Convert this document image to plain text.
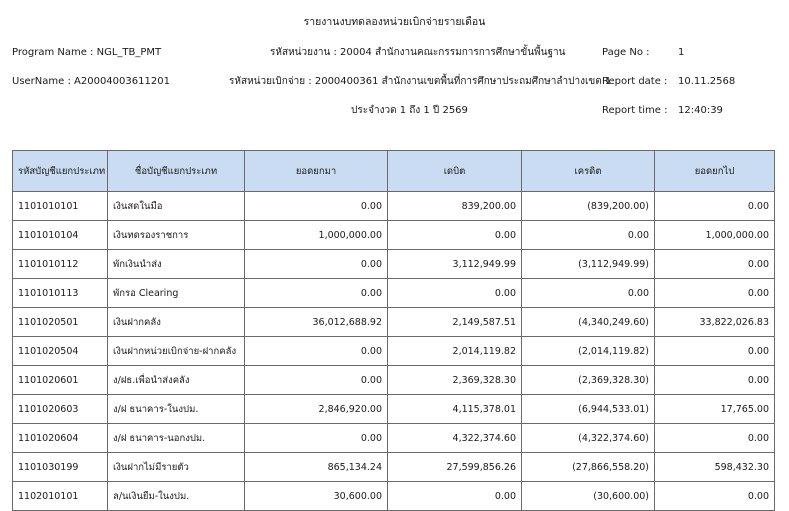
รายงานงบทดลองหน่วยเบิกจ่ายรายเดือน
Program Name : NGL_TB_PMT	รหัสหน่วยงาน : 20004 สำนักงานคณะกรรมการการศึกษาขั้นพื้นฐาน	Page No :	1
UserName : A20004003611201	รหัสหน่วยเบิกจ่าย : 2000400361 สำนักงานเขตพื้นที่การศึกษาประถมศึกษาลำปางเขต 1
Report date : 10.11.2568
ประจำงวด 1 ถึง 1 ปี 2569	Report time : 12:40:39
รหัสบัญชีแยกประเภท	ชื่อบัญชีแยกประเภท	ยอดยกมา	เดบิต	เครดิต	ยอดยกไป
1101010101	เงินสดในมือ	0.00	839,200.00	(839,200.00)	0.00
1101010104	เงินทดรองราชการ	1,000,000.00	0.00	0.00	1,000,000.00
1101010112	พักเงินนำส่ง	0.00	3,112,949.99	(3,112,949.99)	0.00
1101010113	พักรอ Clearing	0.00	0.00	0.00	0.00
1101020501	เงินฝากคลัง	36,012,688.92	2,149,587.51	(4,340,249.60)	33,822,026.83
1101020504	เงินฝากหน่วยเบิกจ่าย-ฝากคลัง	0.00	2,014,119.82	(2,014,119.82)	0.00
1101020601	ง/ฝธ.เพื่อนำส่งคลัง	0.00	2,369,328.30	(2,369,328.30)	0.00
1101020603	ง/ฝ ธนาคาร-ในงปม.	2,846,920.00	4,115,378.01	(6,944,533.01)	17,765.00
1101020604	ง/ฝ ธนาคาร-นอกงปม.	0.00	4,322,374.60	(4,322,374.60)	0.00
1101030199	เงินฝากไม่มีรายตัว	865,134.24	27,599,856.26	(27,866,558.20)	598,432.30
1102010101	ล/นเงินยืม-ในงปม.	30,600.00	0.00	(30,600.00)	0.00
